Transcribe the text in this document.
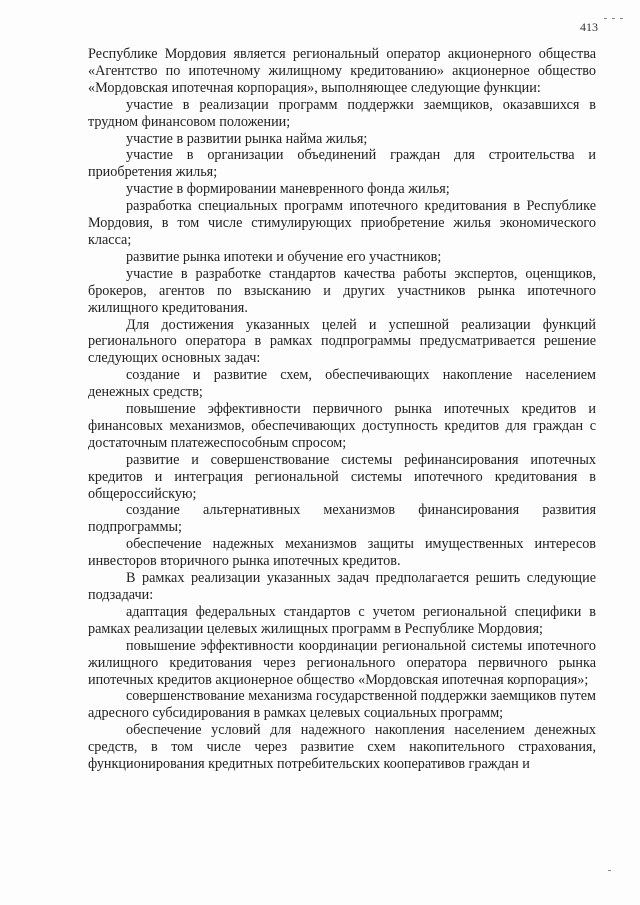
413

Республике Мордовия является региональный оператор акционерного общества «Агентство по ипотечному жилищному кредитованию» акционерное общество «Мордовская ипотечная корпорация», выполняющее следующие функции:

участие в реализации программ поддержки заемщиков, оказавшихся в трудном финансовом положении;

участие в развитии рынка найма жилья;

участие в организации объединений граждан для строительства и приобретения жилья;

участие в формировании маневренного фонда жилья;

разработка специальных программ ипотечного кредитования в Республике Мордовия, в том числе стимулирующих приобретение жилья экономического класса;

развитие рынка ипотеки и обучение его участников;

участие в разработке стандартов качества работы экспертов, оценщиков, брокеров, агентов по взысканию и других участников рынка ипотечного жилищного кредитования.

Для достижения указанных целей и успешной реализации функций регионального оператора в рамках подпрограммы предусматривается решение следующих основных задач:

создание и развитие схем, обеспечивающих накопление населением денежных средств;

повышение эффективности первичного рынка ипотечных кредитов и финансовых механизмов, обеспечивающих доступность кредитов для граждан с достаточным платежеспособным спросом;

развитие и совершенствование системы рефинансирования ипотечных кредитов и интеграция региональной системы ипотечного кредитования в общероссийскую;

создание альтернативных механизмов финансирования развития подпрограммы;

обеспечение надежных механизмов защиты имущественных интересов инвесторов вторичного рынка ипотечных кредитов.

В рамках реализации указанных задач предполагается решить следующие подзадачи:

адаптация федеральных стандартов с учетом региональной специфики в рамках реализации целевых жилищных программ в Республике Мордовия;

повышение эффективности координации региональной системы ипотечного жилищного кредитования через регионального оператора первичного рынка ипотечных кредитов акционерное общество «Мордовская ипотечная корпорация»;

совершенствование механизма государственной поддержки заемщиков путем адресного субсидирования в рамках целевых социальных программ;

обеспечение условий для надежного накопления населением денежных средств, в том числе через развитие схем накопительного страхования, функционирования кредитных потребительских кооперативов граждан и
